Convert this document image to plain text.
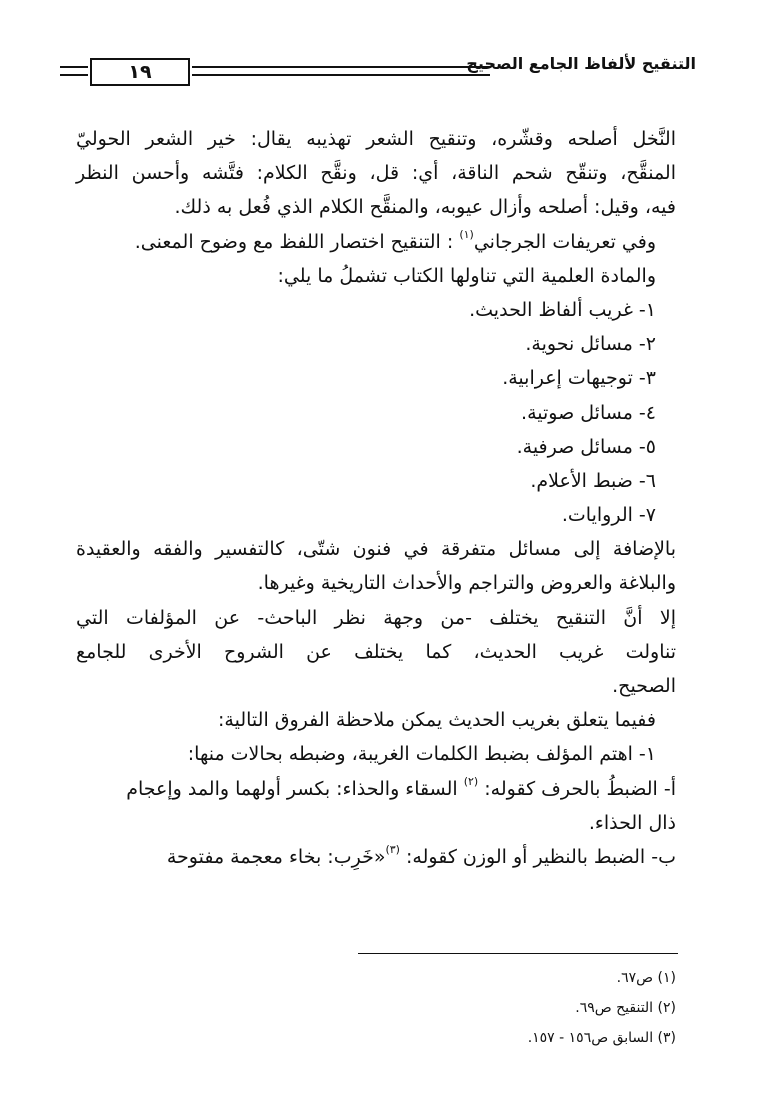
١٩	التنقيح لألفاظ الجامع الصحيح
النَّخل أصلحه وقشّره، وتنقيح الشعر تهذيبه يقال: خير الشعر الحوليّ
المنقَّح، وتنقّح شحم الناقة، أي: قل، ونقَّح الكلام: فتَّشه وأحسن النظر
فيه، وقيل: أصلحه وأزال عيوبه، والمنقَّح الكلام الذي فُعل به ذلك.
وفي تعريفات الجرجاني$^{(١)}$ : التنقيح اختصار اللفظ مع وضوح المعنى.
والمادة العلمية التي تناولها الكتاب تشملُ ما يلي:
١- غريب ألفاظ الحديث.
٢- مسائل نحوية.
٣- توجيهات إعرابية.
٤- مسائل صوتية.
٥- مسائل صرفية.
٦- ضبط الأعلام.
٧- الروايات.
بالإضافة إلى مسائل متفرقة في فنون شتّى، كالتفسير والفقه والعقيدة
والبلاغة والعروض والتراجم والأحداث التاريخية وغيرها.
إلا أنَّ التنقيح يختلف -من وجهة نظر الباحث- عن المؤلفات التي
تناولت غريب الحديث، كما يختلف عن الشروح الأخرى للجامع
الصحيح.
ففيما يتعلق بغريب الحديث يمكن ملاحظة الفروق التالية:
١- اهتم المؤلف بضبط الكلمات الغريبة، وضبطه بحالات منها:
أ- الضبطُ بالحرف كقوله: $^{(٢)}$ السقاء والحذاء: بكسر أولهما والمد وإعجام
ذال الحذاء.
ب- الضبط بالنظير أو الوزن كقوله: $^{(٣)}$«خَرِب: بخاء معجمة مفتوحة
(١) ص٦٧.
(٢) التنقيح ص٦٩.
(٣) السابق ص١٥٦ - ١٥٧.
